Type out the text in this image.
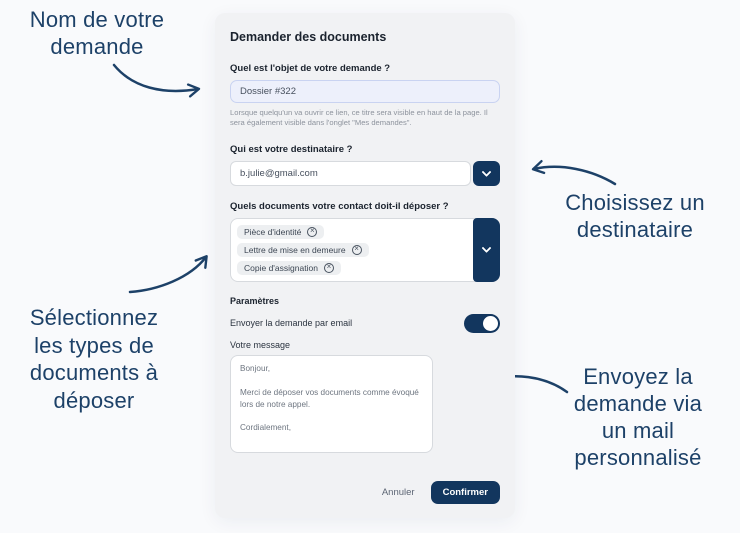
Nom de votre
demande
Choisissez un
destinataire
Sélectionnez
les types de
documents à
déposer
Envoyez la
demande via
un mail
personnalisé
Demander des documents
Quel est l'objet de votre demande ?
Dossier #322
Lorsque quelqu'un va ouvrir ce lien, ce titre sera visible en haut de la page. Il sera également visible dans l'onglet "Mes demandes".
Qui est votre destinataire ?
b.julie@gmail.com
Quels documents votre contact doit-il déposer ?
Pièce d'identité
×
Lettre de mise en demeure
×
Copie d'assignation
×
Paramètres
Envoyer la demande par email
Votre message
Bonjour, Merci de déposer vos documents comme évoqué lors de notre appel. Cordialement,
Annuler	Confirmer
